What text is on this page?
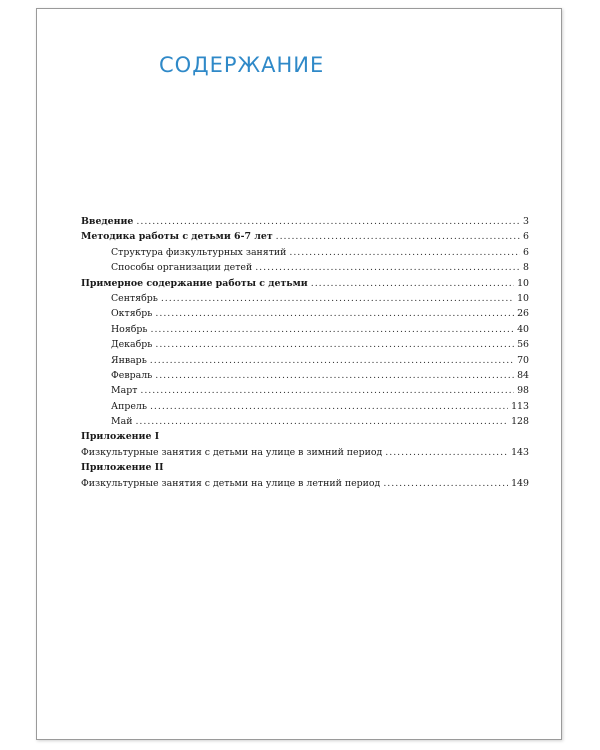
СОДЕРЖАНИЕ
Введение . . .	3
Методика работы с детьми 6-7 лет . . .	6
Структура физкультурных занятий . . .	6
Способы организации детей . . .	8
Примерное содержание работы с детьми . . .	10
Сентябрь . . .	10
Октябрь . . .	26
Ноябрь . . .	40
Декабрь . . .	56
Январь . . .	70
Февраль . . .	84
Март . . .	98
Апрель . . .	113
Май . . .	128
Приложение I
Физкультурные занятия с детьми на улице в зимний период . . .	143
Приложение II
Физкультурные занятия с детьми на улице в летний период . . .	149
